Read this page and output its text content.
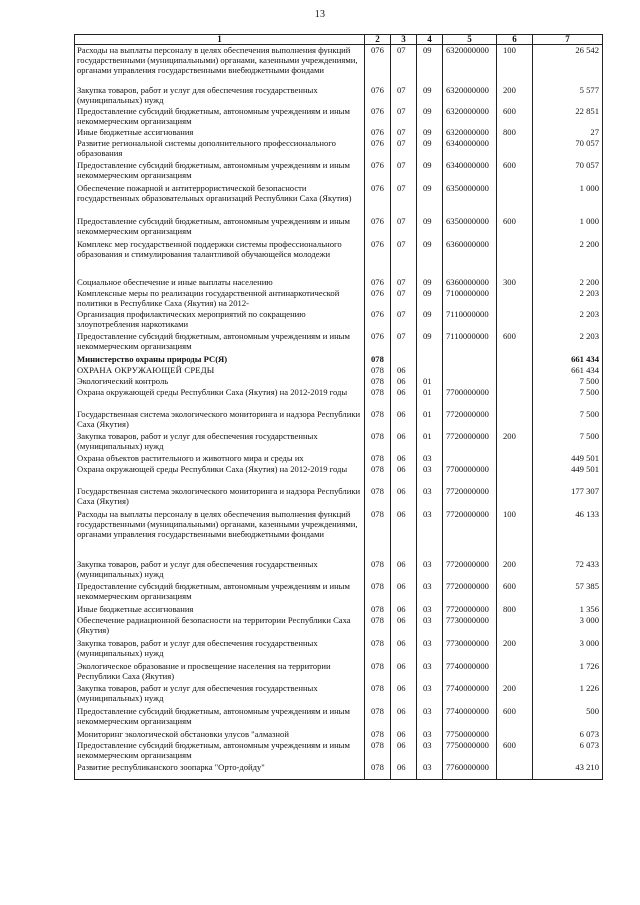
13
1	2	3	4	5	6	7
Расходы на выплаты персоналу в целях обеспечения выполнения функций государственными (муниципальными) органами, казенными учреждениями, органами управления государственными внебюджетными фондами	076	07	09	6320000000	100	26 542
Закупка товаров, работ и услуг для обеспечения государственных (муниципальных) нужд	076	07	09	6320000000	200	5 577
Предоставление субсидий бюджетным, автономным учреждениям и иным некоммерческим организациям	076	07	09	6320000000	600	22 851
Иные бюджетные ассигнования	076	07	09	6320000000	800	27
Развитие региональной системы дополнительного профессионального образования	076	07	09	6340000000		70 057
Предоставление субсидий бюджетным, автономным учреждениям и иным некоммерческим организациям	076	07	09	6340000000	600	70 057
Обеспечение пожарной и антитеррористической безопасности государственных образовательных организаций Республики Саха (Якутия)	076	07	09	6350000000		1 000
Предоставление субсидий бюджетным, автономным учреждениям и иным некоммерческим организациям	076	07	09	6350000000	600	1 000
Комплекс мер государственной поддержки системы профессионального образования и стимулирования талантливой обучающейся молодежи	076	07	09	6360000000		2 200
Социальное обеспечение и иные выплаты населению	076	07	09	6360000000	300	2 200
Комплексные меры по реализации государственной антинаркотической политики в Республике Саха (Якутия) на 2012-	076	07	09	7100000000		2 203
Организация профилактических мероприятий по сокращению злоупотребления наркотиками	076	07	09	7110000000		2 203
Предоставление субсидий бюджетным, автономным учреждениям и иным некоммерческим организациям	076	07	09	7110000000	600	2 203
Министерство охраны природы РС(Я)	078					661 434
ОХРАНА ОКРУЖАЮЩЕЙ СРЕДЫ	078	06				661 434
Экологический контроль	078	06	01			7 500
Охрана окружающей среды Республики Саха (Якутия) на 2012-2019 годы	078	06	01	7700000000		7 500
Государственная система экологического мониторинга и надзора Республики Саха (Якутия)	078	06	01	7720000000		7 500
Закупка товаров, работ и услуг для обеспечения государственных (муниципальных) нужд	078	06	01	7720000000	200	7 500
Охрана объектов растительного и животного мира и среды их	078	06	03			449 501
Охрана окружающей среды Республики Саха (Якутия) на 2012-2019 годы	078	06	03	7700000000		449 501
Государственная система экологического мониторинга и надзора Республики Саха (Якутия)	078	06	03	7720000000		177 307
Расходы на выплаты персоналу в целях обеспечения выполнения функций государственными (муниципальными) органами, казенными учреждениями, органами управления государственными внебюджетными фондами	078	06	03	7720000000	100	46 133
Закупка товаров, работ и услуг для обеспечения государственных (муниципальных) нужд	078	06	03	7720000000	200	72 433
Предоставление субсидий бюджетным, автономным учреждениям и иным некоммерческим организациям	078	06	03	7720000000	600	57 385
Иные бюджетные ассигнования	078	06	03	7720000000	800	1 356
Обеспечение радиационной безопасности на территории Республики Саха (Якутия)	078	06	03	7730000000		3 000
Закупка товаров, работ и услуг для обеспечения государственных (муниципальных) нужд	078	06	03	7730000000	200	3 000
Экологическое образование и просвещение населения на территории Республики Саха (Якутия)	078	06	03	7740000000		1 726
Закупка товаров, работ и услуг для обеспечения государственных (муниципальных) нужд	078	06	03	7740000000	200	1 226
Предоставление субсидий бюджетным, автономным учреждениям и иным некоммерческим организациям	078	06	03	7740000000	600	500
Мониторинг экологической обстановки улусов "алмазной	078	06	03	7750000000		6 073
Предоставление субсидий бюджетным, автономным учреждениям и иным некоммерческим организациям	078	06	03	7750000000	600	6 073
Развитие республиканского зоопарка "Орто-дойду"	078	06	03	7760000000		43 210
